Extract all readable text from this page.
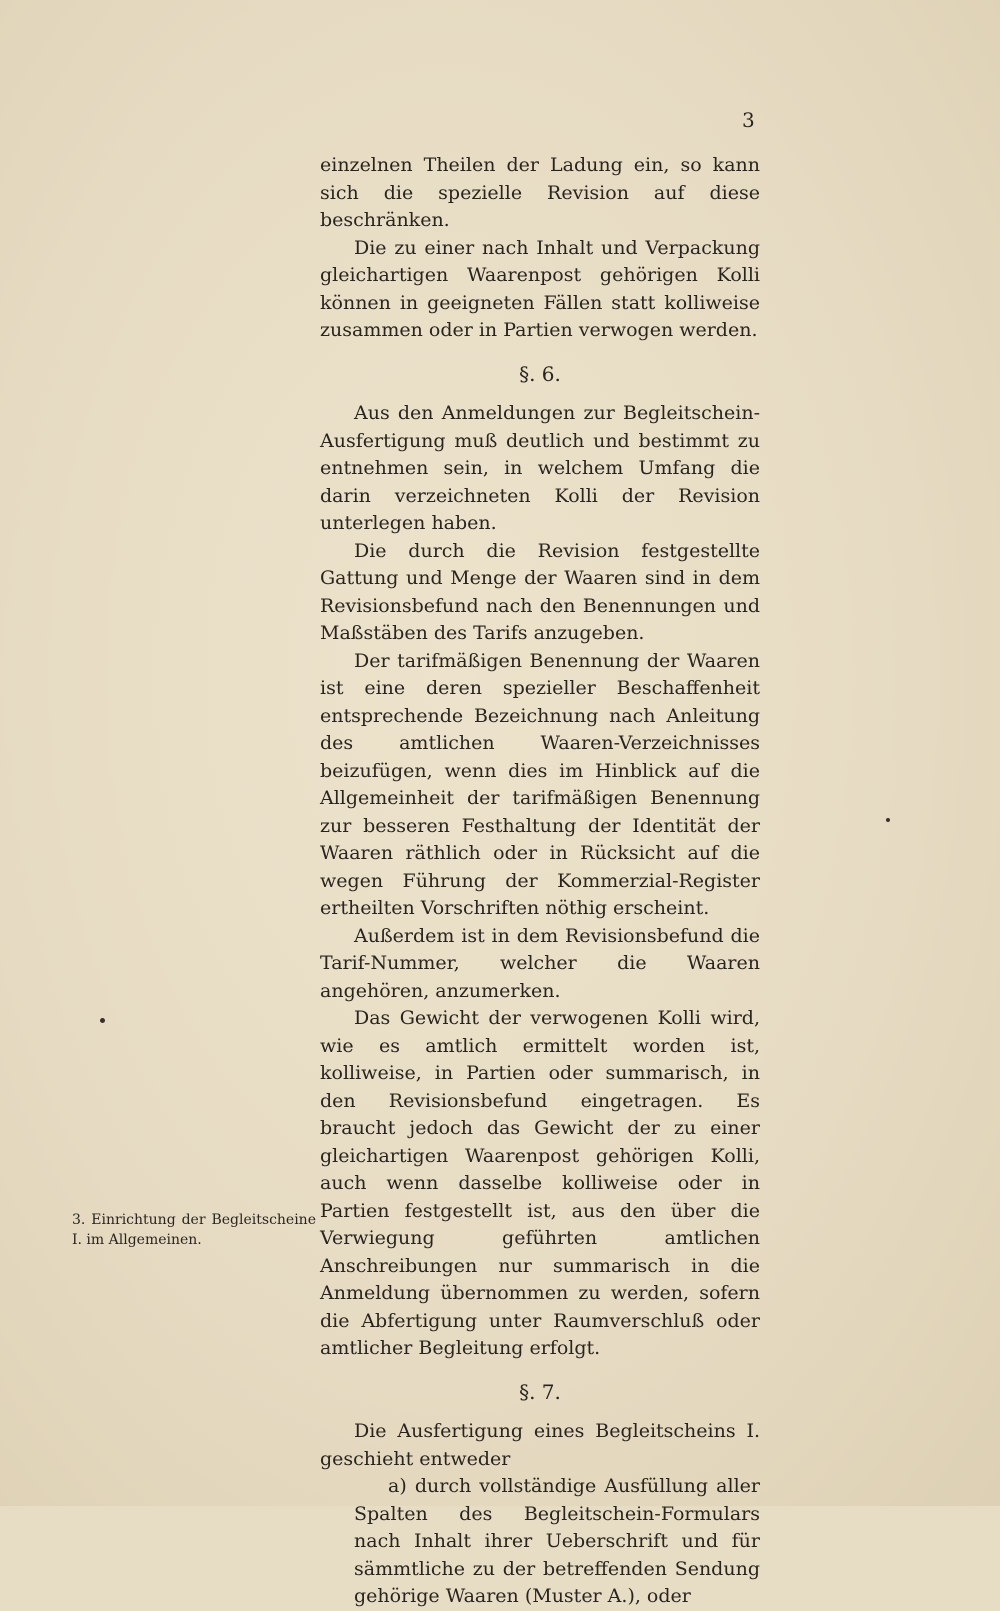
3

einzelnen Theilen der Ladung ein, so kann sich die spezielle Revision auf diese beschränken.

Die zu einer nach Inhalt und Verpackung gleichartigen Waarenpost gehörigen Kolli können in geeigneten Fällen statt kolliweise zusammen oder in Partien verwogen werden.

§. 6.

Aus den Anmeldungen zur Begleitschein-Ausfertigung muß deutlich und bestimmt zu entnehmen sein, in welchem Umfang die darin verzeichneten Kolli der Revision unterlegen haben.

Die durch die Revision festgestellte Gattung und Menge der Waaren sind in dem Revisionsbefund nach den Benennungen und Maßstäben des Tarifs anzugeben.

Der tarifmäßigen Benennung der Waaren ist eine deren spezieller Beschaffenheit entsprechende Bezeichnung nach Anleitung des amtlichen Waaren-Verzeichnisses beizufügen, wenn dies im Hinblick auf die Allgemeinheit der tarifmäßigen Benennung zur besseren Festhaltung der Identität der Waaren räthlich oder in Rücksicht auf die wegen Führung der Kommerzial-Register ertheilten Vorschriften nöthig erscheint.

Außerdem ist in dem Revisionsbefund die Tarif-Nummer, welcher die Waaren angehören, anzumerken.

Das Gewicht der verwogenen Kolli wird, wie es amtlich ermittelt worden ist, kolliweise, in Partien oder summarisch, in den Revisionsbefund eingetragen. Es braucht jedoch das Gewicht der zu einer gleichartigen Waarenpost gehörigen Kolli, auch wenn dasselbe kolliweise oder in Partien festgestellt ist, aus den über die Verwiegung geführten amtlichen Anschreibungen nur summarisch in die Anmeldung übernommen zu werden, sofern die Abfertigung unter Raumverschluß oder amtlicher Begleitung erfolgt.

§. 7.

Die Ausfertigung eines Begleitscheins I. geschieht entweder

a) durch vollständige Ausfüllung aller Spalten des Begleitschein-Formulars nach Inhalt ihrer Ueberschrift und für sämmtliche zu der betreffenden Sendung gehörige Waaren (Muster A.), oder

3. Einrichtung der Begleitscheine I. im Allgemeinen.
